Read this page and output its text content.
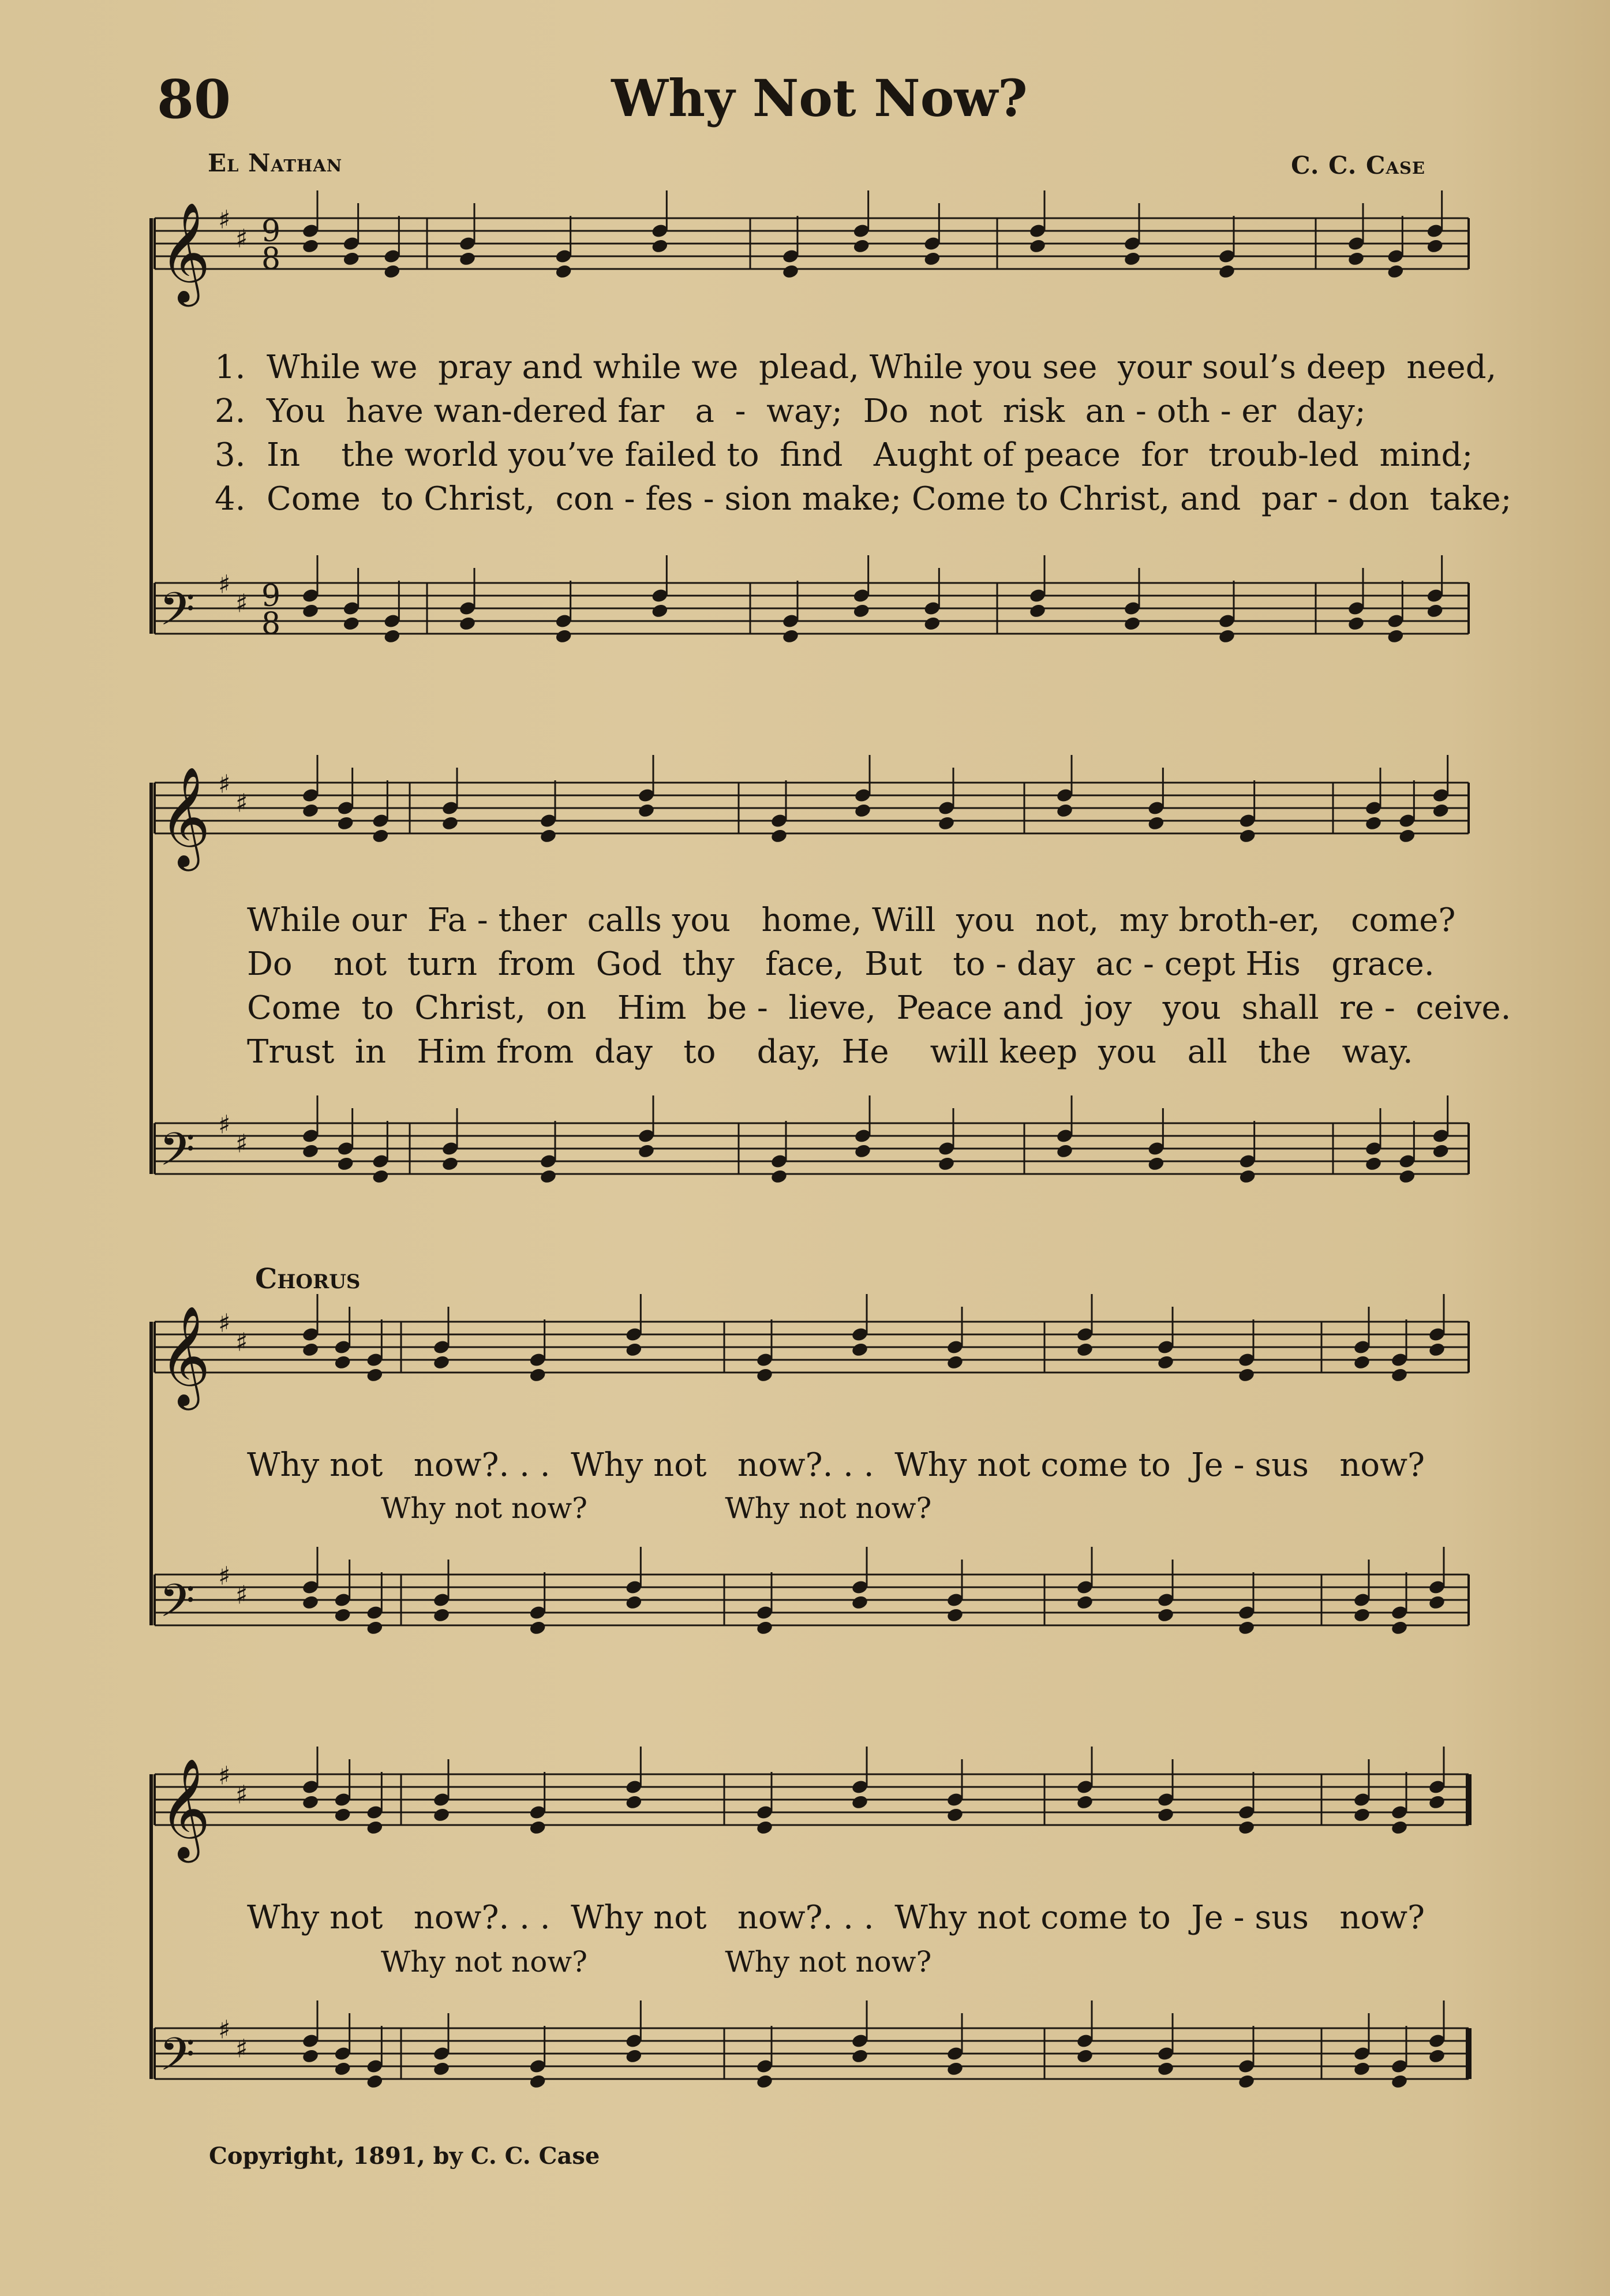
80	Why Not Now?
El Nathan	C. C. Case
𝄞 ♯
♯
𝄢 ♯
♯
𝄞 ♯
♯
𝄢 ♯
♯
𝄞 ♯
♯
𝄢 ♯
♯
𝄞 ♯
♯
𝄢 ♯
♯
9
8
9
8
1. While we  pray and while we  plead, While you see  your soul’s deep  need,
2. You  have wan-dered far   a  -  way;  Do  not  risk  an - oth - er  day;
3. In    the world you’ve failed to  find   Aught of peace  for  troub-led  mind;
4. Come  to Christ,  con - fes - sion make; Come to Christ, and  par - don  take;
While our  Fa - ther  calls you   home, Will  you  not,  my broth-er,   come?
Do    not  turn  from  God  thy   face,  But   to - day  ac - cept His   grace.
Come  to  Christ,  on   Him  be -  lieve,  Peace and  joy   you  shall  re -  ceive.
Trust  in   Him from  day   to    day,  He    will keep  you   all   the   way.
Chorus
Why not   now?. . .  Why not   now?. . .  Why not come to  Je - sus   now?
Why not now?               Why not now?
Why not   now?. . .  Why not   now?. . .  Why not come to  Je - sus   now?
Why not now?               Why not now?
Copyright, 1891, by C. C. Case
